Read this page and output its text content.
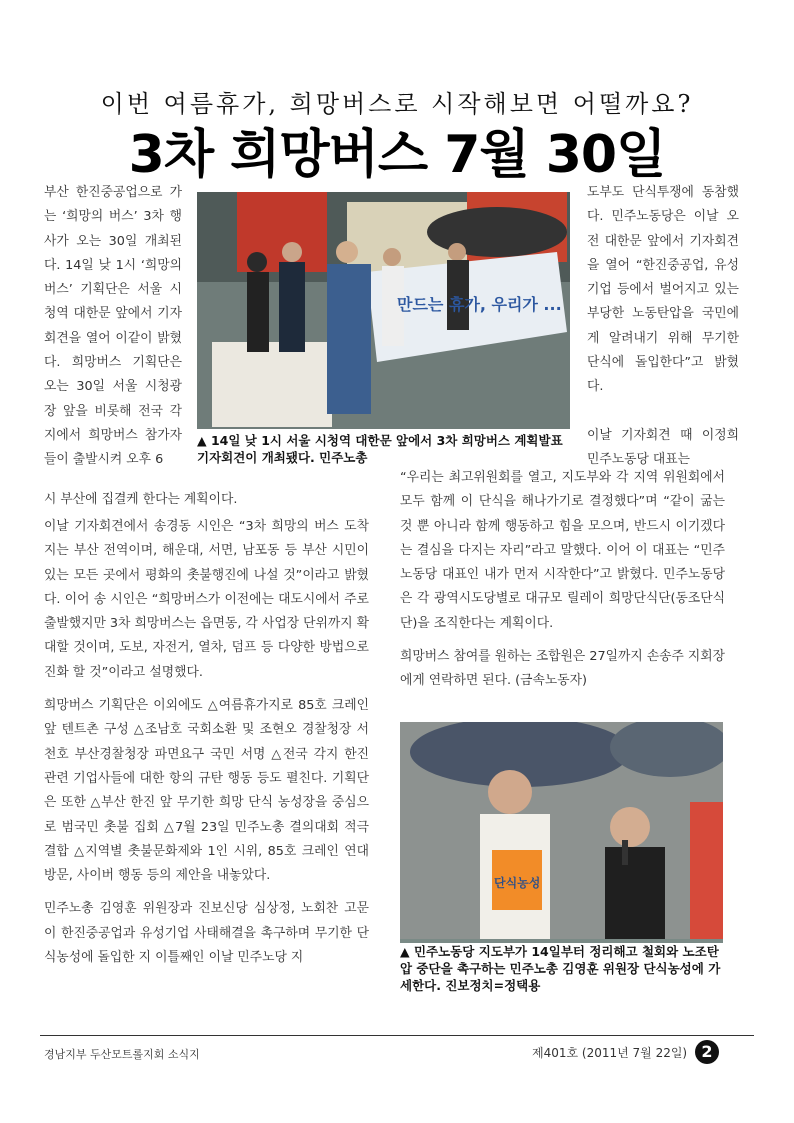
이번 여름휴가, 희망버스로 시작해보면 어떨까요?
3차 희망버스 7월 30일
부산 한진중공업으로 가는 ‘희망의 버스’ 3차 행사가 오는 30일 개최된다. 14일 낮 1시 ‘희망의 버스’ 기획단은 서울 시청역 대한문 앞에서 기자회견을 열어 이같이 밝혔다. 희망버스 기획단은 오는 30일 서울 시청광장 앞을 비롯해 전국 각지에서 희망버스 참가자들이 출발시켜 오후 6
시 부산에 집결케 한다는 계획이다.
만드는 휴가, 우리가 ...
▲ 14일 낮 1시 서울 시청역 대한문 앞에서 3차 희망버스 계획발표 기자회견이 개최됐다. 민주노총
도부도 단식투쟁에 동참했다. 민주노동당은 이날 오전 대한문 앞에서 기자회견을 열어 “한진중공업, 유성기업 등에서 벌어지고 있는 부당한 노동탄압을 국민에게 알려내기 위해 무기한 단식에 돌입한다”고 밝혔다.
이날 기자회견 때 이정희 민주노동당 대표는

이날 기자회견에서 송경동 시인은 “3차 희망의 버스 도착지는 부산 전역이며, 해운대, 서면, 남포동 등 부산 시민이 있는 모든 곳에서 평화의 촛불행진에 나설 것”이라고 밝혔다. 이어 송 시인은 “희망버스가 이전에는 대도시에서 주로 출발했지만 3차 희망버스는 읍면동, 각 사업장 단위까지 확대할 것이며, 도보, 자전거, 열차, 덤프 등 다양한 방법으로 진화 할 것”이라고 설명했다.

희망버스 기획단은 이외에도 △여름휴가지로 85호 크레인 앞 텐트촌 구성 △조남호 국회소환 및 조현오 경찰청장 서천호 부산경찰청장 파면요구 국민 서명 △전국 각지 한진 관련 기업사들에 대한 항의 규탄 행동 등도 펼친다. 기획단은 또한 △부산 한진 앞 무기한 희망 단식 농성장을 중심으로 범국민 촛불 집회 △7월 23일 민주노총 결의대회 적극 결합 △지역별 촛불문화제와 1인 시위, 85호 크레인 연대방문, 사이버 행동 등의 제안을 내놓았다.

민주노총 김영훈 위원장과 진보신당 심상정, 노회찬 고문이 한진중공업과 유성기업 사태해결을 촉구하며 무기한 단식농성에 돌입한 지 이틀째인 이날 민주노당 지

“우리는 최고위원회를 열고, 지도부와 각 지역 위원회에서 모두 함께 이 단식을 해나가기로 결정했다”며 “같이 굶는 것 뿐 아니라 함께 행동하고 힘을 모으며, 반드시 이기겠다는 결심을 다지는 자리”라고 말했다. 이어 이 대표는 “민주노동당 대표인 내가 먼저 시작한다”고 밝혔다. 민주노동당은 각 광역시도당별로 대규모 릴레이 희망단식단(동조단식단)을 조직한다는 계획이다.

희망버스 참여를 원하는 조합원은 27일까지 손송주 지회장에게 연락하면 된다. (금속노동자)

단식농성
▲ 민주노동당 지도부가 14일부터 정리해고 철회와 노조탄압 중단을 촉구하는 민주노총 김영훈 위원장 단식농성에 가세한다. 진보정치=정택용
경남지부 두산모트롤지회 소식지	제401호 (2011년 7월 22일) 2
